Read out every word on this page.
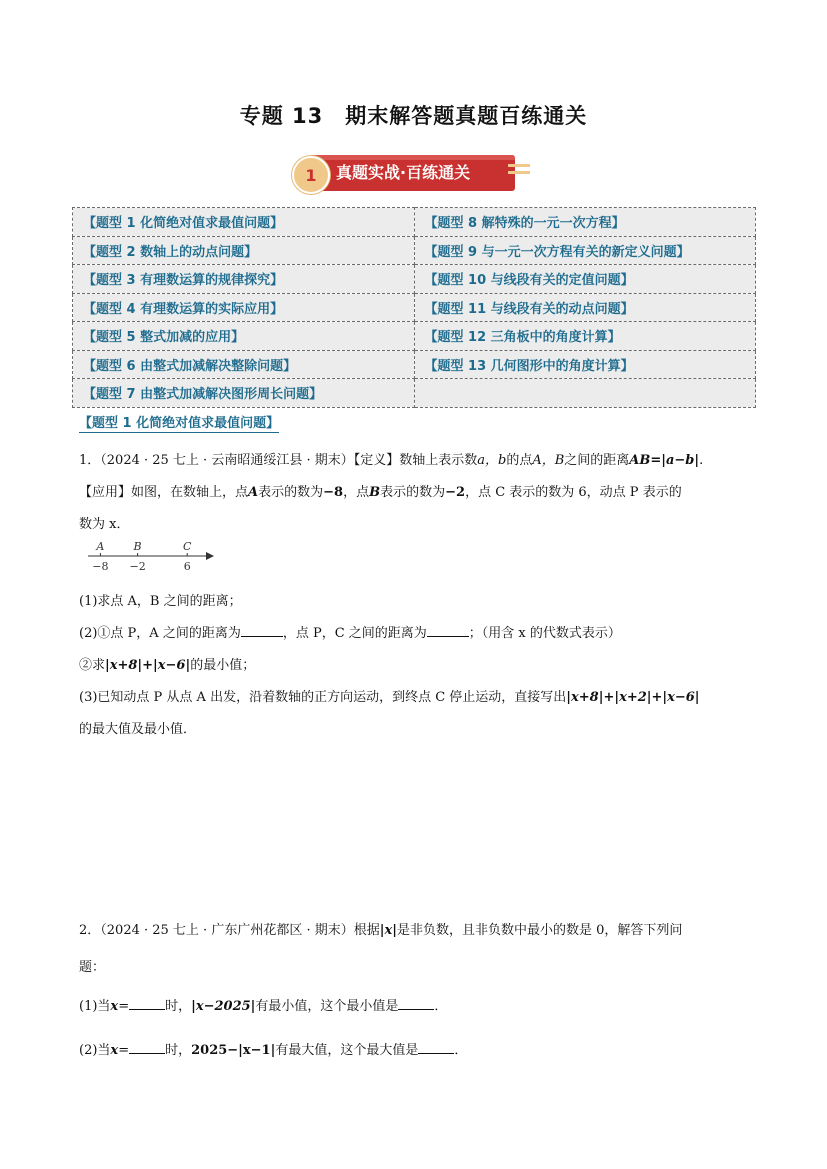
专题 13　期末解答题真题百练通关
1	真题实战·百练通关
【题型 1 化简绝对值求最值问题】	【题型 8 解特殊的一元一次方程】
【题型 2 数轴上的动点问题】	【题型 9 与一元一次方程有关的新定义问题】
【题型 3 有理数运算的规律探究】	【题型 10 与线段有关的定值问题】
【题型 4 有理数运算的实际应用】	【题型 11 与线段有关的动点问题】
【题型 5 整式加减的应用】	【题型 12 三角板中的角度计算】
【题型 6 由整式加减解决整除问题】	【题型 13 几何图形中的角度计算】
【题型 7 由整式加减解决图形周长问题】	
【题型 1 化简绝对值求最值问题】
1．（2024 · 25 七上 · 云南昭通绥江县 · 期末）【定义】数轴上表示数a，b的点A，B之间的距离AB=|a−b|.
【应用】如图，在数轴上，点A表示的数为−8，点B表示的数为−2，点 C 表示的数为 6，动点 P 表示的
数为 x．
A
−8
B
−2
C
6
(1)求点 A，B 之间的距离；
(2)①点 P，A 之间的距离为	，点 P，C 之间的距离为	；（用含 x 的代数式表示）
②求|x+8|+|x−6|的最小值；
(3)已知动点 P 从点 A 出发，沿着数轴的正方向运动，到终点 C 停止运动，直接写出|x+8|+|x+2|+|x−6|
的最大值及最小值．
2．（2024 · 25 七上 · 广东广州花都区 · 期末）根据|x|是非负数，且非负数中最小的数是 0，解答下列问
题：
(1)当x=	时，|x−2025|有最小值，这个最小值是	．
(2)当x=	时，2025−|x−1|有最大值，这个最大值是	．
